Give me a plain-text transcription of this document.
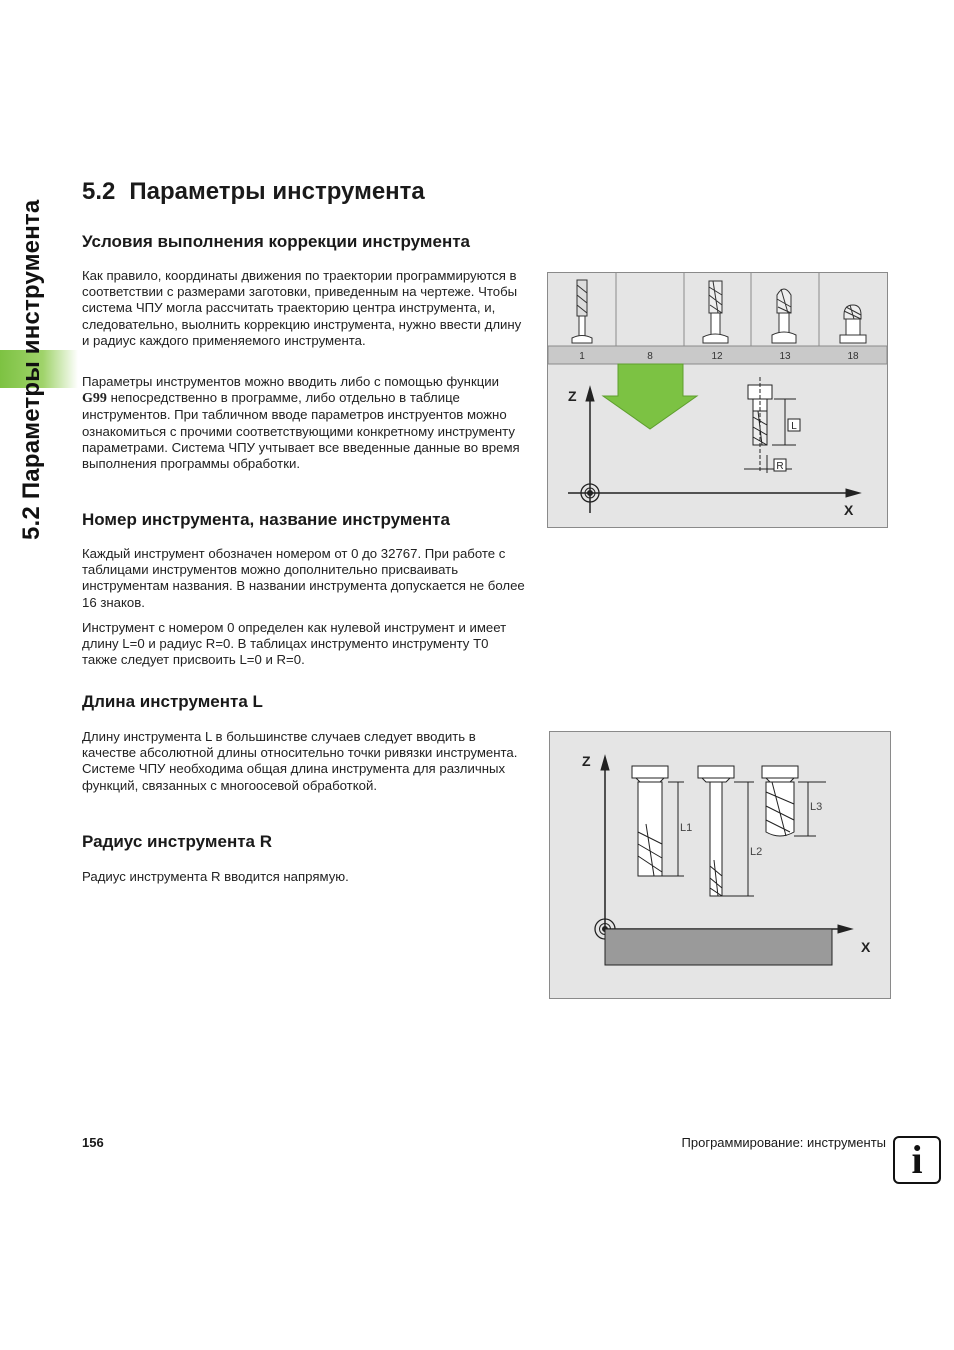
5.2 Параметры инструмента
5.2 Параметры инструмента
Условия выполнения коррекции инструмента

Как правило, координаты движения по траектории программируются в соответствии с размерами заготовки, приведенным на чертеже. Чтобы система ЧПУ могла рассчитать траекторию центра инструмента, и, следовательно, выолнить коррекцию инструмента, нужно ввести длину и радиус каждого применяемого инструмента.

Параметры инструментов можно вводить либо с помощью функции G99 непосредственно в программе, либо отдельно в таблице инструментов. При табличном вводе параметров инструентов можно ознакомиться с прочими соответствующими конкретному инструменту параметрами. Система ЧПУ учтывает все введенные данные во время выполнения программы обработки.

Номер инструмента, название инструмента

Каждый инструмент обозначен номером от 0 до 32767. При работе с таблицами инструментов можно дополнительно присваивать инструментам названия. В названии инструмента допускается не более 16 знаков.

Инструмент с номером 0 определен как нулевой инструмент и имеет длину L=0 и радиус R=0. В таблицах инструменто инструменту T0 также следует присвоить L=0 и R=0.

Длина инструмента L

Длину инструмента L в большинстве случаев следует вводить в качестве абсолютной длины относительно точки ривязки инструмента. Системе ЧПУ необходима общая длина инструмента для различных функций, связанных с многоосевой обработкой.

Радиус инструмента R

Радиус инструмента R вводится напрямую.

1	8	12	13	18
Z
X
L
R
Z
X
L1
L2
L3
156	Программирование: инструменты i
